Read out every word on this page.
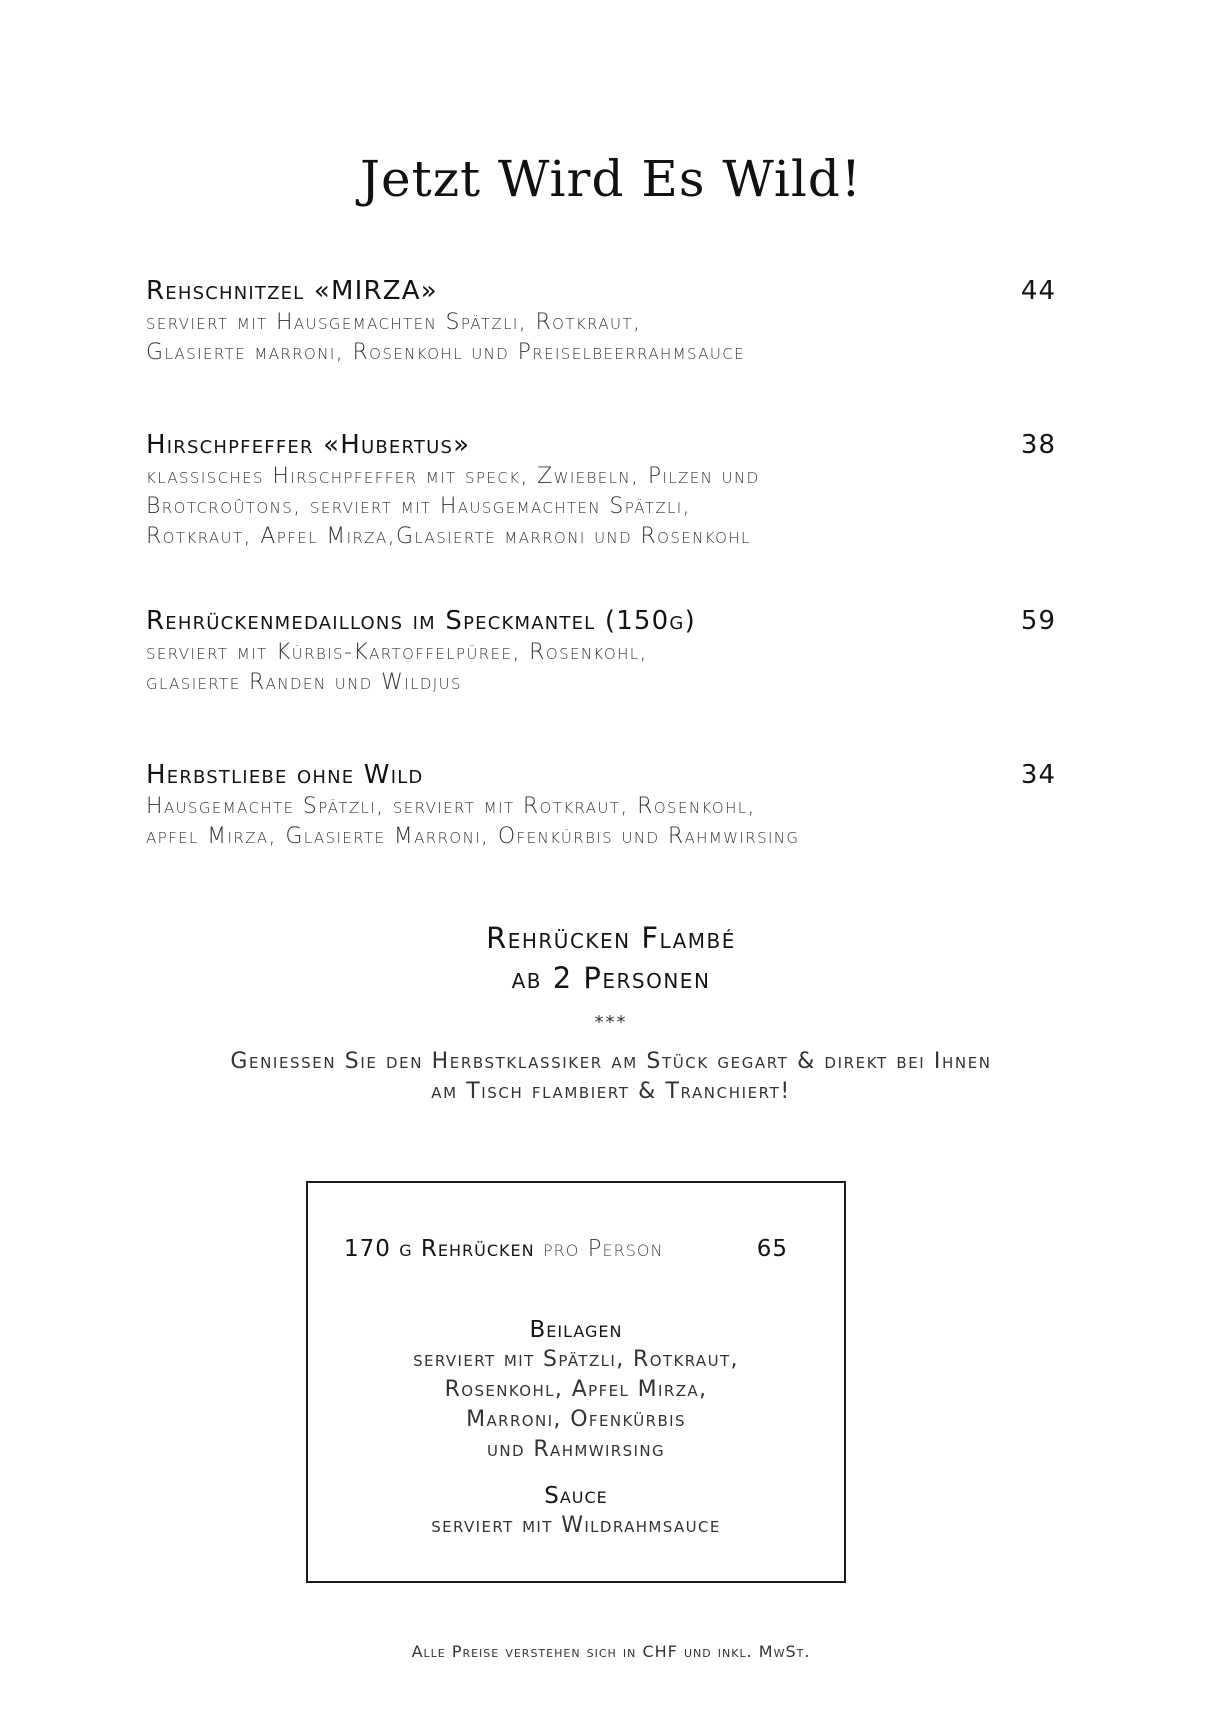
Jetzt Wird Es Wild!
Rehschnitzel «MIRZA»	44
serviert mit Hausgemachten Spätzli, Rotkraut,
Glasierte marroni, Rosenkohl und Preiselbeerrahmsauce
Hirschpfeffer «Hubertus»	38
klassisches Hirschpfeffer mit speck, Zwiebeln, Pilzen und
Brotcroûtons, serviert mit Hausgemachten Spätzli,
Rotkraut, Apfel Mirza,Glasierte marroni und Rosenkohl
Rehrückenmedaillons im Speckmantel (150g)	59
serviert mit Kürbis-Kartoffelpüree, Rosenkohl,
glasierte Randen und Wildjus
Herbstliebe ohne Wild	34
Hausgemachte Spätzli, serviert mit Rotkraut, Rosenkohl,
apfel Mirza, Glasierte Marroni, Ofenkürbis und Rahmwirsing
Rehrücken Flambé
ab 2 Personen
***
Geniessen Sie den Herbstklassiker am Stück gegart & direkt bei Ihnen
am Tisch flambiert & Tranchiert!
170 g Rehrücken pro Person	65
Beilagen
serviert mit Spätzli, Rotkraut,
Rosenkohl, Apfel Mirza,
Marroni, Ofenkürbis
und Rahmwirsing
Sauce
serviert mit Wildrahmsauce
Alle Preise verstehen sich in CHF und inkl. MwSt.
